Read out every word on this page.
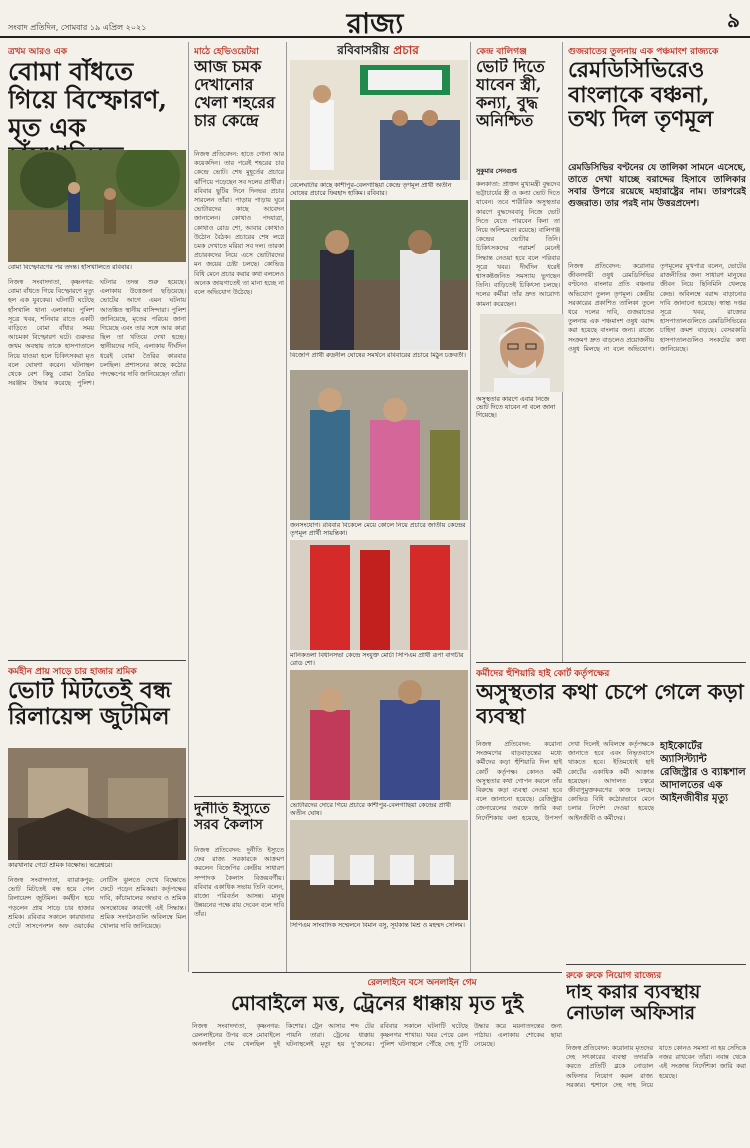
সংবাদ প্রতিদিন, সোমবার ১৯ এপ্রিল ২০২১	রাজ্য	৯
ত্রখম আরও এক
বোমা বাঁধতে গিয়ে বিস্ফোরণ, মৃত এক
বোমা বিস্ফোরণের পর তদন্ত। হাঁসখালিতে রবিবার।
নিজস্ব সংবাদদাতা, কৃষ্ণনগর: বোমা বাঁধতে গিয়ে বিস্ফোরণে মৃত্যু হল এক যুবকের। ঘটনাটি ঘটেছে হাঁসখালি থানা এলাকায়। পুলিশ সূত্রে খবর, শনিবার রাতে একটি বাড়িতে বোমা বাঁধার সময় আচমকা বিস্ফোরণ ঘটে। গুরুতর জখম অবস্থায় তাকে হাসপাতালে নিয়ে যাওয়া হলে চিকিৎসকরা মৃত বলে ঘোষণা করেন। ঘটনাস্থল থেকে বেশ কিছু বোমা তৈরির সরঞ্জাম উদ্ধার করেছে পুলিশ। ঘটনার তদন্ত শুরু হয়েছে। এলাকায় উত্তেজনা ছড়িয়েছে। ভোটের আগে এমন ঘটনায় আতঙ্কিত স্থানীয় বাসিন্দারা। পুলিশ জানিয়েছে, মৃতের পরিচয় জানা গিয়েছে এবং তার সঙ্গে আর কারা ছিল তা খতিয়ে দেখা হচ্ছে। স্থানীয়দের দাবি, এলাকায় দীর্ঘদিন ধরেই বোমা তৈরির কারবার চলছিল। প্রশাসনের কাছে কঠোর পদক্ষেপের দাবি জানিয়েছেন তাঁরা।
কর্মহীন প্রায় সাড়ে চার হাজার শ্রমিক
ভোট মিটতেই বন্ধ রিলায়েন্স জুটমিল
কারখানার গেটে শ্রমিক বিক্ষোভ। ভদ্রেশ্বরে।
নিজস্ব সংবাদদাতা, ব্যারাকপুর: ভোট মিটতেই বন্ধ হয়ে গেল রিলায়েন্স জুটমিল। কর্মহীন হয়ে পড়লেন প্রায় সাড়ে চার হাজার শ্রমিক। রবিবার সকালে কারখানার গেটে সাসপেনশন অফ ওয়ার্কের নোটিস ঝুলতে দেখে বিক্ষোভে ফেটে পড়েন শ্রমিকরা। কর্তৃপক্ষের দাবি, কাঁচামালের অভাব ও শ্রমিক অসন্তোষের কারণেই এই সিদ্ধান্ত। শ্রমিক সংগঠনগুলি অবিলম্বে মিল খোলার দাবি জানিয়েছে।
মাঠে হেভিওয়েটরা
আজ চমক দেখানোর খেলা শহরের চার কেন্দ্রে
নিজস্ব প্রতিবেদন: হাতে গোনা আর কয়েকদিন। তার পরেই শহরের চার কেন্দ্রে ভোট। শেষ মুহূর্তের প্রচারে ঝাঁপিয়ে পড়েছেন সব দলের প্রার্থীরা। রবিবার ছুটির দিনে দিনভর প্রচার সারলেন তাঁরা। পাড়ায় পাড়ায় ঘুরে ভোটারদের কাছে আবেদন জানালেন। কোথাও পদযাত্রা, কোথাও রোড শো, আবার কোথাও উঠোন বৈঠক। প্রচারের শেষ লগ্নে চমক দেখাতে মরিয়া সব দল। তারকা প্রচারকদের নিয়ে এসে ভোটারদের মন জয়ের চেষ্টা চলছে। কোভিড বিধি মেনে প্রচার করার কথা বললেও অনেক জায়গাতেই তা মানা হচ্ছে না বলে অভিযোগ উঠেছে।
দুর্নীতি ইস্যুতে সরব কৈলাস
নিজস্ব প্রতিবেদন: দুর্নীতি ইস্যুতে ফের রাজ্য সরকারকে আক্রমণ করলেন বিজেপির কেন্দ্রীয় সাধারণ সম্পাদক কৈলাস বিজয়বর্গীয়। রবিবার একাধিক সভায় তিনি বলেন, রাজ্যে পরিবর্তন আসন্ন। মানুষ উন্নয়নের পক্ষে রায় দেবেন বলে দাবি তাঁর।
রবিবাসরীয় প্রচার
বেলেঘাটার কাছে কাশীপুর-বেলগাছিয়া কেন্দ্রে তৃণমূল প্রার্থী অতীন ঘোষের প্রচারে ফিরহাদ হাকিম। রবিবার।
বিজেপি প্রার্থী রুদ্রনীল ঘোষের সমর্থনে রবিবারের প্রচারে মিঠুন চক্রবর্তী।
জনসংযোগ। রবিবার বিকেলে মেয়ে কোলে নিয়ে প্রচারে জাতীয় কেন্দ্রের তৃণমূল প্রার্থী সায়ন্তিকা।
মানিকতলা বিধানসভা কেন্দ্রে সংযুক্ত মোর্চা সিপিএম প্রার্থী রূপা বাগচীর রোড শো।
ভোটারদের দোরে গিয়ে প্রচারে কাশীপুর-বেলগাছিয়া কেন্দ্রের প্রার্থী অতীন ঘোষ।
সিপিএম সাংবাদিক সম্মেলনে বিমান বসু, সূর্যকান্ত মিশ্র ও মহম্মদ সেলিম।
রেললাইনে বসে অনলাইন গেম
মোবাইলে মত্ত, ট্রেনের ধাক্কায় মৃত দুই
নিজস্ব সংবাদদাতা, কৃষ্ণনগর: রেললাইনের উপর বসে মোবাইলে অনলাইন গেম খেলছিল দুই কিশোর। ট্রেন আসার শব্দ টের পায়নি তারা। ট্রেনের ধাক্কায় ঘটনাস্থলেই মৃত্যু হয় দু'জনের। রবিবার সকালে ঘটনাটি ঘটেছে কৃষ্ণনগর শাখায়। খবর পেয়ে রেল পুলিশ ঘটনাস্থলে পৌঁছে দেহ দু'টি উদ্ধার করে ময়নাতদন্তের জন্য পাঠায়। এলাকায় শোকের ছায়া নেমেছে।
কেন্দ্র বালিগঞ্জ
ভোট দিতে যাবেন স্ত্রী, কন্যা, বুদ্ধ অনিশ্চিত
সুকুমার সেনগুপ্ত
কলকাতা: প্রাক্তন মুখ্যমন্ত্রী বুদ্ধদেব ভট্টাচার্যের স্ত্রী ও কন্যা ভোট দিতে যাবেন। তবে শারীরিক অসুস্থতার কারণে বুদ্ধদেববাবু নিজে ভোট দিতে যেতে পারবেন কিনা তা নিয়ে অনিশ্চয়তা রয়েছে। বালিগঞ্জ কেন্দ্রের ভোটার তিনি। চিকিৎসকদের পরামর্শ মেনেই সিদ্ধান্ত নেওয়া হবে বলে পরিবার সূত্রে খবর। দীর্ঘদিন ধরেই শ্বাসকষ্টজনিত সমস্যায় ভুগছেন তিনি। বাড়িতেই চিকিৎসা চলছে। দলের কর্মীরা তাঁর দ্রুত আরোগ্য কামনা করেছেন।
অসুস্থতার কারণে এবার নিজে ভোট দিতে যাবেন না বলে জানা গিয়েছে।
গুজরাতের তুলনায় এক পঞ্চমাংশ রাজ্যকে
রেমডিসিভিরেও বাংলাকে বঞ্চনা, তথ্য দিল তৃণমূল
রেমডিসিভির বণ্টনের যে তালিকা সামনে এসেছে, তাতে দেখা যাচ্ছে বরাদ্দের হিসাবে তালিকার সবার উপরে রয়েছে মহারাষ্ট্রের নাম। তারপরেই গুজরাত। তার পরই নাম উত্তরপ্রদেশ।
নিজস্ব প্রতিবেদন: করোনার জীবনদায়ী ওষুধ রেমডিসিভির বণ্টনেও বাংলার প্রতি বঞ্চনার অভিযোগ তুলল তৃণমূল। কেন্দ্রীয় সরকারের প্রকাশিত তালিকা তুলে ধরে দলের দাবি, গুজরাতের তুলনায় এক পঞ্চমাংশ ওষুধ বরাদ্দ করা হয়েছে বাংলার জন্য। রাজ্যে সংক্রমণ দ্রুত বাড়লেও প্রয়োজনীয় ওষুধ মিলছে না বলে অভিযোগ। তৃণমূলের মুখপাত্র বলেন, ভোটের রাজনীতির জন্য সাধারণ মানুষের জীবন নিয়ে ছিনিমিনি খেলছে কেন্দ্র। অবিলম্বে বরাদ্দ বাড়ানোর দাবি জানানো হয়েছে। স্বাস্থ্য দপ্তর সূত্রে খবর, রাজ্যের হাসপাতালগুলিতে রেমডিসিভিরের চাহিদা ক্রমশ বাড়ছে। বেসরকারি হাসপাতালগুলিও সংকটের কথা জানিয়েছে।
কর্মীদের হুঁশিয়ারি হাই কোর্ট কর্তৃপক্ষের
অসুস্থতার কথা চেপে গেলে কড়া ব্যবস্থা
নিজস্ব প্রতিবেদন: করোনা সংক্রমণের বাড়বাড়ন্তের মধ্যে কর্মীদের কড়া হুঁশিয়ারি দিল হাই কোর্ট কর্তৃপক্ষ। কোনও কর্মী অসুস্থতার কথা গোপন করলে তাঁর বিরুদ্ধে কড়া ব্যবস্থা নেওয়া হবে বলে জানানো হয়েছে। রেজিস্ট্রার জেনারেলের তরফে জারি করা নির্দেশিকায় বলা হয়েছে, উপসর্গ দেখা দিলেই অবিলম্বে কর্তৃপক্ষকে জানাতে হবে এবং নিভৃতবাসে থাকতে হবে। ইতিমধ্যেই হাই কোর্টের একাধিক কর্মী আক্রান্ত হয়েছেন। আদালত চত্বরে জীবাণুমুক্তকরণের কাজ চলছে। কোভিড বিধি কঠোরভাবে মেনে চলার নির্দেশ দেওয়া হয়েছে আইনজীবী ও কর্মীদের।
হাইকোর্টের অ্যাসিস্ট্যান্ট রেজিস্ট্রার ও ব্যাঙ্কশাল আদালতের এক আইনজীবীর মৃত্যু
রুকে রুকে নিয়োগ রাজ্যের
দাহ করার ব্যবস্থায় নোডাল অফিসার
নিজস্ব প্রতিবেদন: করোনায় মৃতদের দেহ সৎকারের ব্যবস্থা তদারকি করতে প্রতিটি ব্লকে নোডাল অফিসার নিয়োগ করল রাজ্য সরকার। শ্মশানে দেহ দাহ নিয়ে যাতে কোনও সমস্যা না হয় সেদিকে নজর রাখবেন তাঁরা। নবান্ন থেকে এই সংক্রান্ত নির্দেশিকা জারি করা হয়েছে।
